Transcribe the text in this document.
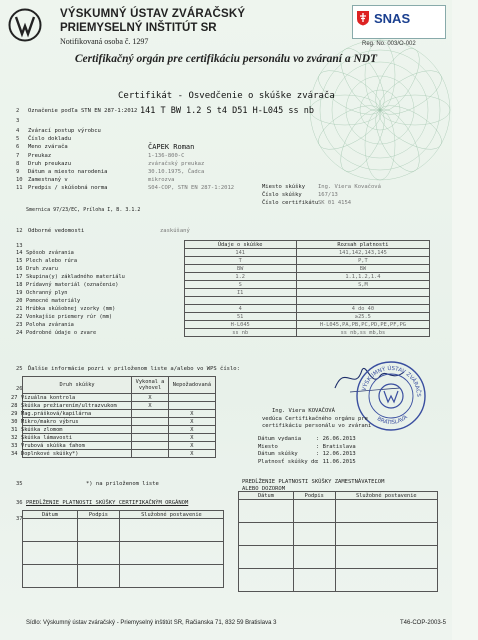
VÝSKUMNÝ ÚSTAV ZVÁRAČSKÝ
PRIEMYSELNÝ INŠTITÚT SR
Notifikovaná osoba č. 1297
SNAS
Reg. No. 003/O-002
Certifikačný orgán pre certifikáciu personálu vo zváraní a NDT
Certifikát - Osvedčenie o skúške zvárača
2 Označenie podľa STN EN 287-1:2012 141 T BW 1.2 S t4 D51 H-L045 ss nb
3
4 Zvárací postup výrobcu
5 Číslo dokladu
6 Meno zvárača	ČAPEK Roman
7 Preukaz	1-136-800-C
8 Druh preukazu	zváračský preukaz
9 Dátum a miesto narodenia	30.10.1975, Čadca
10 Zamestnaný v	mikrozva
11 Predpis / skúšobná norma	S04-COP, STN EN 287-1:2012	Miesto skúšky Ing. Viera Kovačová
Číslo skúšky	167/13
Číslo certifikátu SK 01 4154
Smernica 97/23/EC, Príloha I, B. 3.1.2
12 Odborné vedomosti	zaskúšaný
13
		Údaje o skúške	Rozsah platnosti
14 Spôsob zvárania	141	141,142,143,145
15 Plech alebo rúra	T	P,T
16 Druh zvaru	BW	BW
17 Skupina(y) základného materiálu	1.2	1.1,1.2,1.4
18 Prídavný materiál (označenie)	S	S,M
19 Ochranný plyn	I1	
20 Pomocné materiály		
21 Hrúbka skúšobnej vzorky (mm)	4	4 do 40
22 Vonkajšie priemery rúr (mm)	51	≥25.5
23 Poloha zvárania	H-L045	H-L045,PA,PB,PC,PD,PE,PF,PG
24 Podrobné údaje o zvare	ss nb	ss nb,ss mb,bs
25 Ďalšie informácie pozri v priloženom liste a/alebo vo WPS číslo:
26
Druh skúšky	Vykonal a vyhovel	Nepožadovaná
27 Vizuálna kontrola	X	
28 Skúška prežiarením/ultrazvukom	X	
29 Mag.prášková/kapilárna		X
30 Mikro/makro výbrus		X
31 Skúška zlomom		X
32 Skúška lámavosti		X
33 Vrubová skúška ťahom		X
34 Doplnkové skúšky*)		X
VÝSKUMNÝ ÚSTAV ZVÁRAČS
BRATISLAVA
Ing. Viera KOVAČOVÁ
vedúca Certifikačného orgánu pre
certifikáciu personálu vo zváraní
Dátum vydania	: 26.06.2013
Miesto	: Bratislava
Dátum skúšky	: 12.06.2013
Platnosť skúšky do
: 11.06.2015
35	*) na priloženom liste
36 PREDĹŽENIE PLATNOSTI SKÚŠKY CERTIFIKAČNÝM ORGÁNOM
PREDĹŽENIE PLATNOSTI SKÚŠKY ZAMESTNÁVATEĽOM
ALEBO DOZOROM
37
Dátum	Podpis	Služobné postavenie

Dátum	Podpis	Služobné postavenie

Sídlo: Výskumný ústav zváračský - Priemyselný inštitút SR, Račianska 71, 832 59 Bratislava 3	T46-COP-2003-5
